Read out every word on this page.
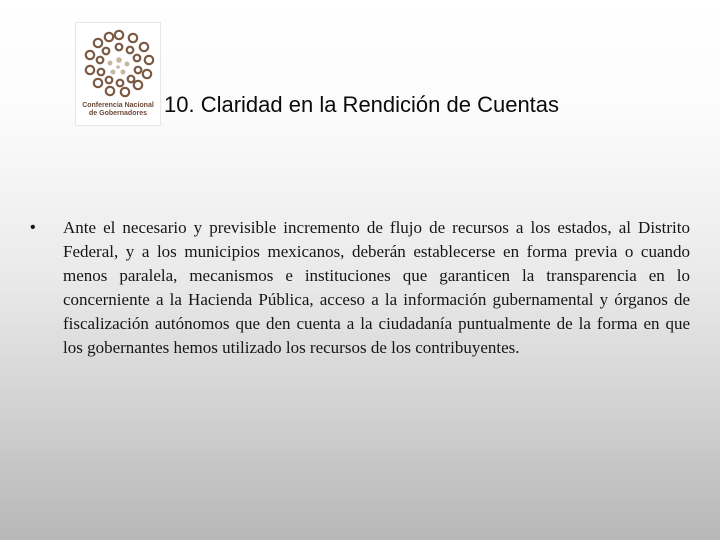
Conferencia Nacional
de Gobernadores 10. Claridad en la Rendición de Cuentas
•	Ante el necesario y previsible incremento de flujo de recursos a los estados, al Distrito Federal, y a los municipios mexicanos, deberán establecerse en forma previa o cuando menos paralela, mecanismos e instituciones que garanticen la transparencia en lo concerniente a la Hacienda Pública, acceso a la información gubernamental y órganos de fiscalización autónomos que den cuenta a la ciudadanía puntualmente de la forma en que los gobernantes hemos utilizado los recursos de los contribuyentes.
